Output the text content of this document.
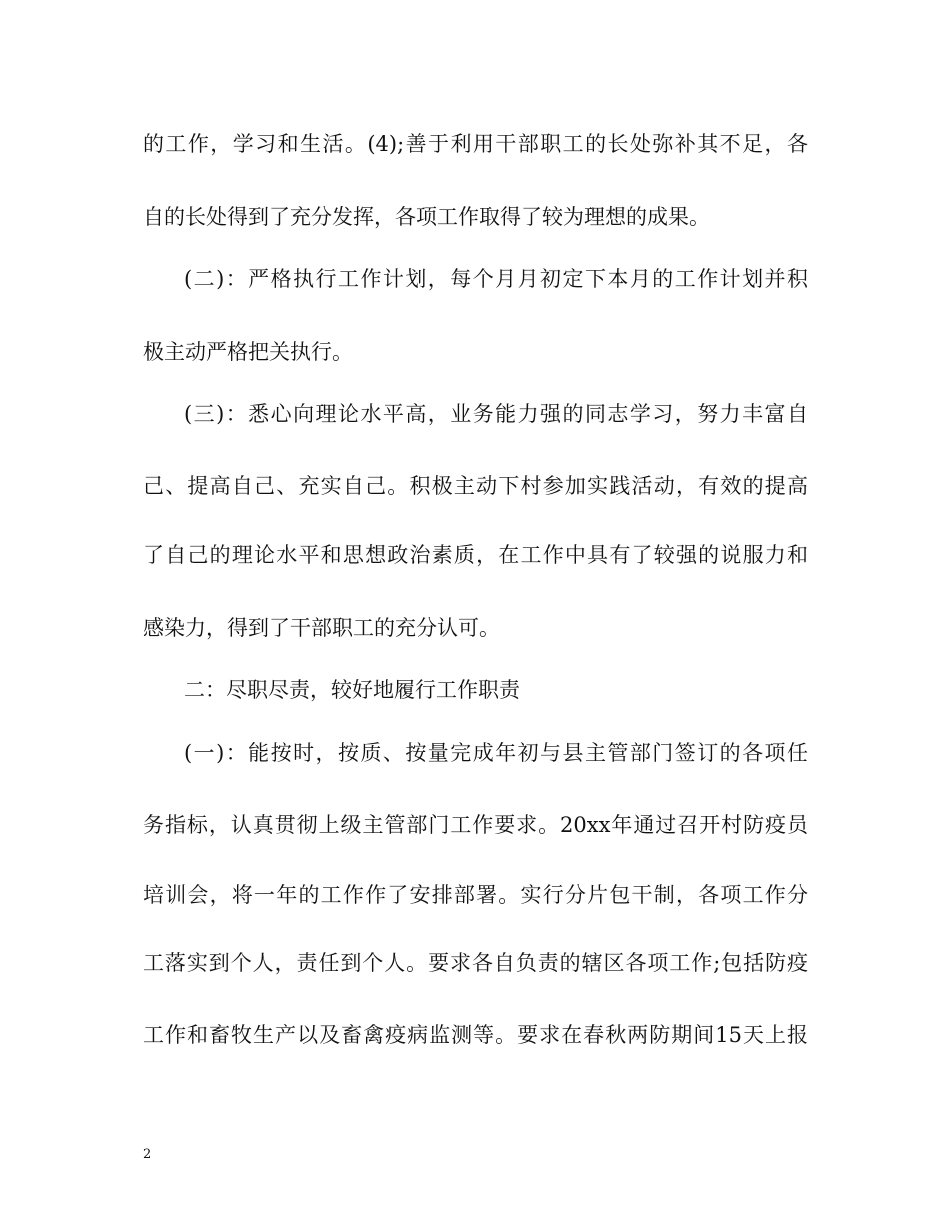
的工作，学习和生活。(4);善于利用干部职工的长处弥补其不足，各
自的长处得到了充分发挥，各项工作取得了较为理想的成果。
(二)：严格执行工作计划，每个月月初定下本月的工作计划并积
极主动严格把关执行。
(三)：悉心向理论水平高，业务能力强的同志学习，努力丰富自
己、提高自己、充实自己。积极主动下村参加实践活动，有效的提高
了自己的理论水平和思想政治素质，在工作中具有了较强的说服力和
感染力，得到了干部职工的充分认可。
二：尽职尽责，较好地履行工作职责
(一)：能按时，按质、按量完成年初与县主管部门签订的各项任
务指标，认真贯彻上级主管部门工作要求。20xx年通过召开村防疫员
培训会，将一年的工作作了安排部署。实行分片包干制，各项工作分
工落实到个人，责任到个人。要求各自负责的辖区各项工作;包括防疫
工作和畜牧生产以及畜禽疫病监测等。要求在春秋两防期间15天上报
2
